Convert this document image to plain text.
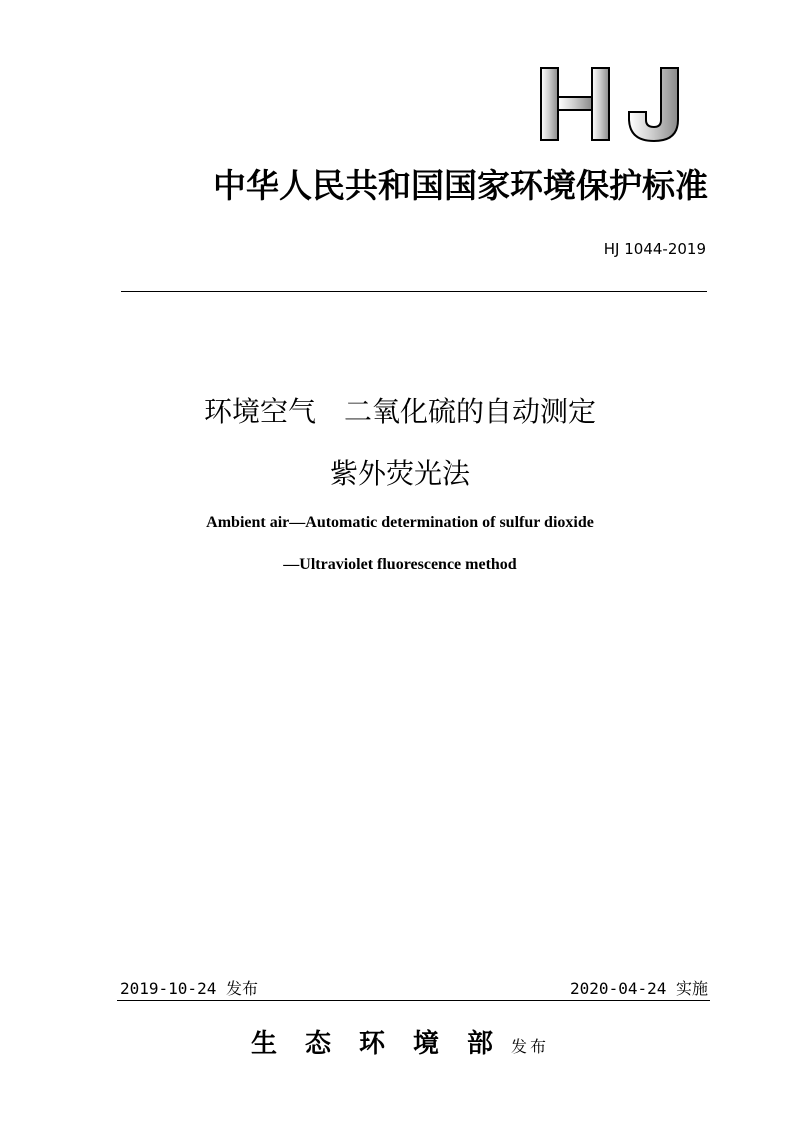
中华人民共和国国家环境保护标准
HJ 1044-2019
环境空气　二氧化硫的自动测定
紫外荧光法
Ambient air—Automatic determination of sulfur dioxide
—Ultraviolet fluorescence method
2019-10-24 发布	2020-04-24 实施
生态环境部发布
